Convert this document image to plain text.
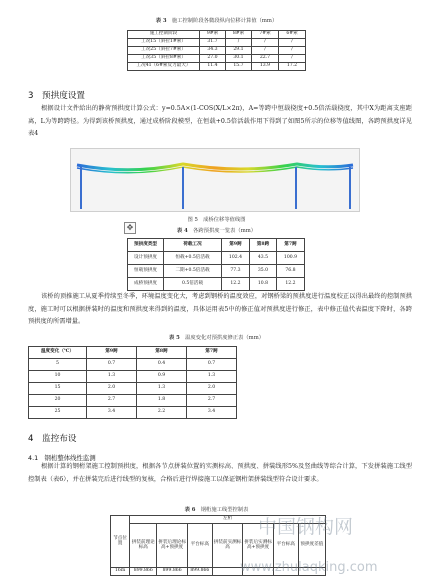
表 3  施工控制阶段各微段纵向位移计算值（mm）
施工控制阶段	9#索	8#索	7#索	6#索
工况15（斜拉1#索）	31.7	/	/	/
工况25（斜拉7#索）	34.3	29.1	/	/
工况35（斜拉8#索）	27.0	30.1	22.7	/
工况41（6#索反力最大）	11.4	15.7	13.9	17.2
3　预拱度设置

根据设计文件給出的静荷预拱度计算公式：y=0.5A×(1-COS(X/L×2π)，A=等跨中恒载挠度+0.5倍活载挠度，其中X为距离支座距离，L为等跨跨径。为得到该桥预拱度，通过成桥阶段模型，在恒载+0.5倍活载作用下得到了如图5所示的位移等值线图，各跨预拱度详见表4

图 5　成桥位移等值线图
✥	表 4  各跨预拱度一览表（mm）
预拱度类型	荷载工况	第9跨	第8跨	第7跨
设计预拱度	恒载+0.5倍活载	102.4	43.5	100.9
恒载预拱度	二期+0.5倍活载	77.3	35.0	76.8
成桥预拱度	0.5倍活载	12.2	10.8	12.2

该桥的顶推施工从夏季持续至冬季，环境温度变化大，考虑到钢桥的温度效应，对钢桥梁的预拱度进行温度校正以得出最终的控制预拱度，施工时可以根据拼装时的温度和预拱度来得到的温度，具体运用表5中的修正值对预拱度进行修正，表中修正值代表温度下降时，各跨预拱度的所需增量。

表 5  温度变化对预拱度修正表（mm）
温度变化（℃）	第9跨	第8跨	第7跨
5	0.7	0.4	0.7
10	1.3	0.9	1.3
15	2.0	1.3	2.0
20	2.7	1.8	2.7
25	3.4	2.2	3.4
4　监控布设
4.1　钢桁整体线性监测

根据计算的钢桁架施工控制预拱度，根据各节点拼装位置的实测标高、预拱度、拼装线形5%及竖曲线等综合计算，下发拼装施工线型控制表（表6），并在拼装完后进行线型的复核，合格后进行焊接施工以保证钢桁架拼装线型符合设计要求。

表 6  钢桁施工线型控制表
节点位置	左桁						
	拼装前理论标高	拼装后理论标高+预拱度	平台标高	拼装前实测标高	拼装后实测标高+预拱度	平台标高	预拱度差值
16m	899.866	899.866	899.866				
中国钢构网
www.zhulaqking.com
